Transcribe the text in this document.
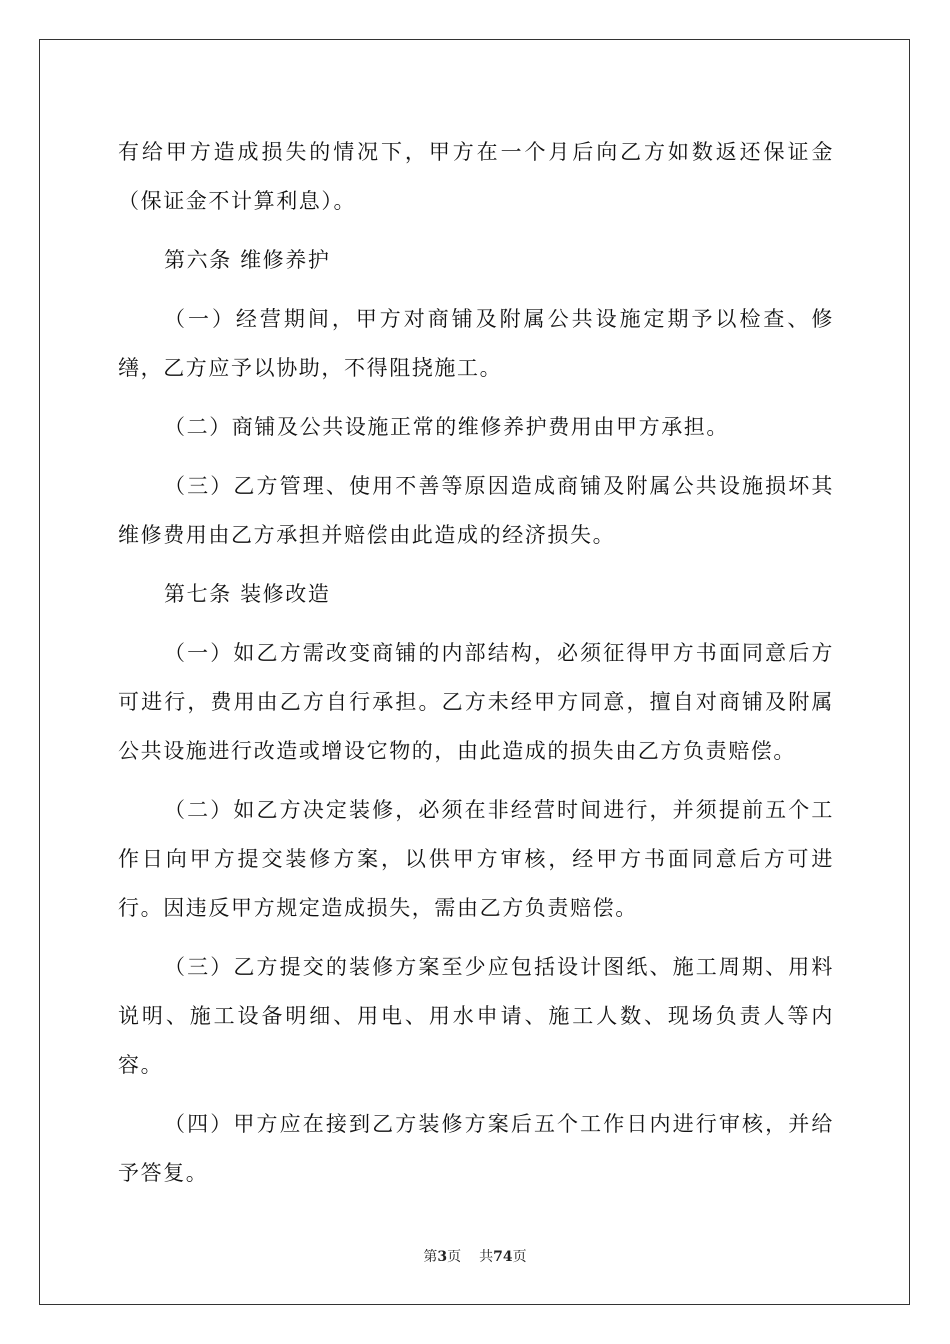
有给甲方造成损失的情况下，甲方在一个月后向乙方如数返还保证金（保证金不计算利息）。

第六条 维修养护

（一）经营期间，甲方对商铺及附属公共设施定期予以检查、修缮，乙方应予以协助，不得阻挠施工。

（二）商铺及公共设施正常的维修养护费用由甲方承担。

（三）乙方管理、使用不善等原因造成商铺及附属公共设施损坏其维修费用由乙方承担并赔偿由此造成的经济损失。

第七条 装修改造

（一）如乙方需改变商铺的内部结构，必须征得甲方书面同意后方可进行，费用由乙方自行承担。乙方未经甲方同意，擅自对商铺及附属公共设施进行改造或增设它物的，由此造成的损失由乙方负责赔偿。

（二）如乙方决定装修，必须在非经营时间进行，并须提前五个工作日向甲方提交装修方案，以供甲方审核，经甲方书面同意后方可进行。因违反甲方规定造成损失，需由乙方负责赔偿。

（三）乙方提交的装修方案至少应包括设计图纸、施工周期、用料说明、施工设备明细、用电、用水申请、施工人数、现场负责人等内容。

（四）甲方应在接到乙方装修方案后五个工作日内进行审核，并给予答复。

第3页 共74页
